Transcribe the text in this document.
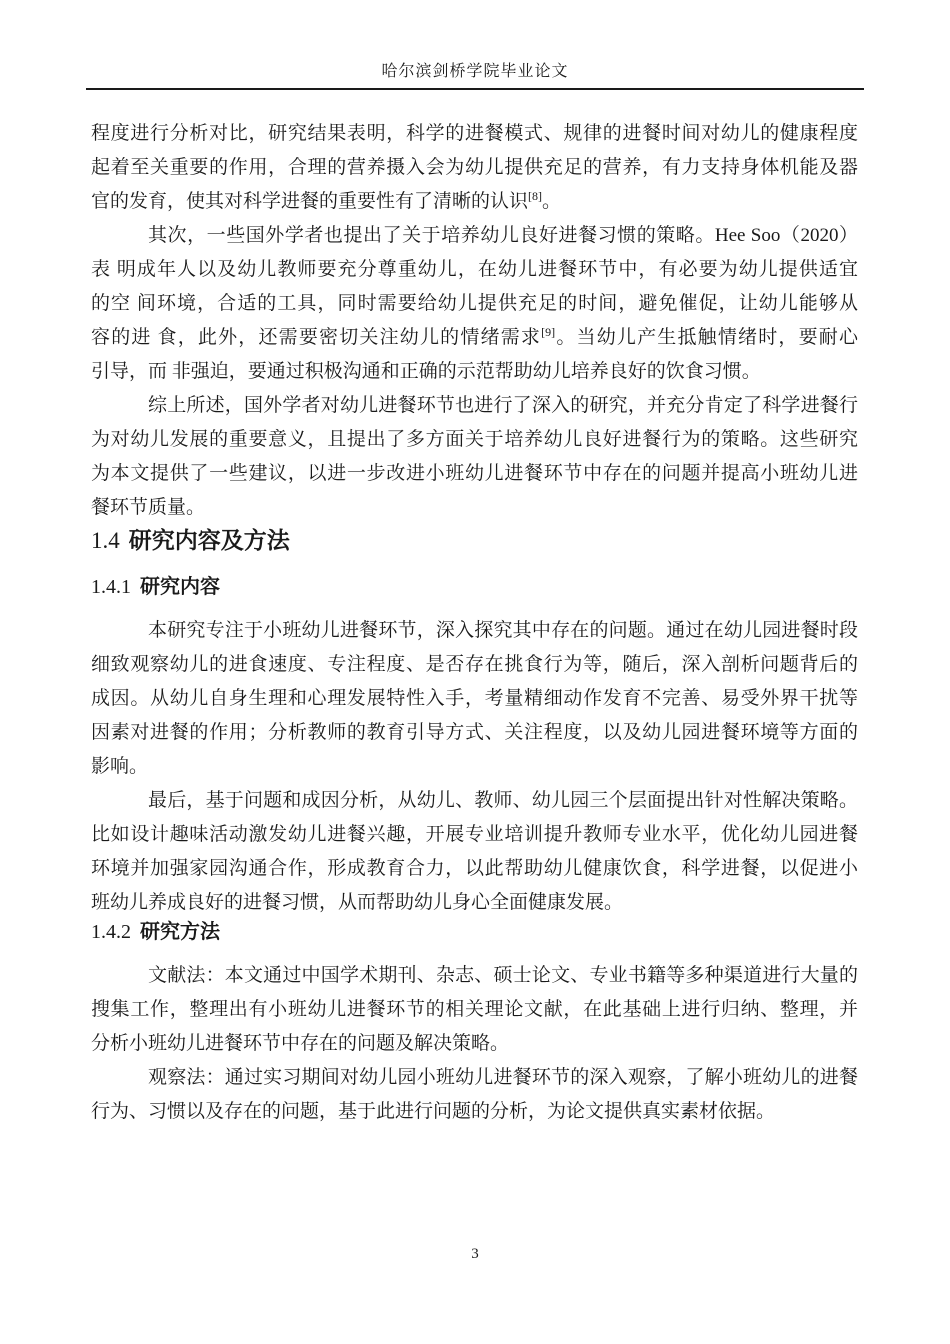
哈尔滨剑桥学院毕业论文
程度进行分析对比，研究结果表明，科学的进餐模式、规律的进餐时间对幼儿的健康程度
起着至关重要的作用，合理的营养摄入会为幼儿提供充足的营养，有力支持身体机能及器
官的发育，使其对科学进餐的重要性有了清晰的认识[8]。
其次，一些国外学者也提出了关于培养幼儿良好进餐习惯的策略。Hee Soo（2020）
表 明成年人以及幼儿教师要充分尊重幼儿，在幼儿进餐环节中，有必要为幼儿提供适宜
的空 间环境，合适的工具，同时需要给幼儿提供充足的时间，避免催促，让幼儿能够从
容的进 食，此外，还需要密切关注幼儿的情绪需求[9]。当幼儿产生抵触情绪时，要耐心
引导，而 非强迫，要通过积极沟通和正确的示范帮助幼儿培养良好的饮食习惯。
综上所述，国外学者对幼儿进餐环节也进行了深入的研究，并充分肯定了科学进餐行
为对幼儿发展的重要意义，且提出了多方面关于培养幼儿良好进餐行为的策略。这些研究
为本文提供了一些建议，以进一步改进小班幼儿进餐环节中存在的问题并提高小班幼儿进
餐环节质量。
1.4 研究内容及方法
1.4.1 研究内容
本研究专注于小班幼儿进餐环节，深入探究其中存在的问题。通过在幼儿园进餐时段
细致观察幼儿的进食速度、专注程度、是否存在挑食行为等，随后，深入剖析问题背后的
成因。从幼儿自身生理和心理发展特性入手，考量精细动作发育不完善、易受外界干扰等
因素对进餐的作用；分析教师的教育引导方式、关注程度，以及幼儿园进餐环境等方面的
影响。
最后，基于问题和成因分析，从幼儿、教师、幼儿园三个层面提出针对性解决策略。
比如设计趣味活动激发幼儿进餐兴趣，开展专业培训提升教师专业水平，优化幼儿园进餐
环境并加强家园沟通合作，形成教育合力，以此帮助幼儿健康饮食，科学进餐，以促进小
班幼儿养成良好的进餐习惯，从而帮助幼儿身心全面健康发展。
1.4.2 研究方法
文献法：本文通过中国学术期刊、杂志、硕士论文、专业书籍等多种渠道进行大量的
搜集工作，整理出有小班幼儿进餐环节的相关理论文献，在此基础上进行归纳、整理，并
分析小班幼儿进餐环节中存在的问题及解决策略。
观察法：通过实习期间对幼儿园小班幼儿进餐环节的深入观察，了解小班幼儿的进餐
行为、习惯以及存在的问题，基于此进行问题的分析，为论文提供真实素材依据。
3
